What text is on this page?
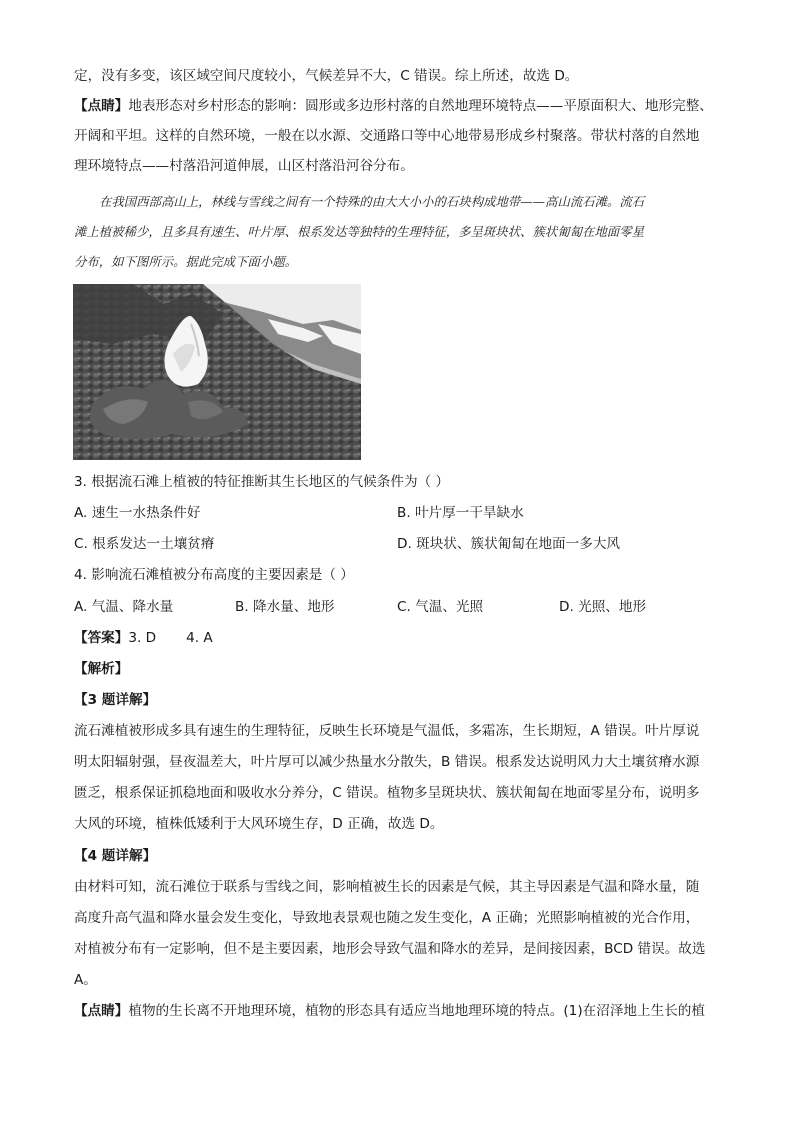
定，没有多变，该区域空间尺度较小，气候差异不大，C 错误。综上所述，故选 D。
【点睛】地表形态对乡村形态的影响：圆形或多边形村落的自然地理环境特点——平原面积大、地形完整、
开阔和平坦。这样的自然环境，一般在以水源、交通路口等中心地带易形成乡村聚落。带状村落的自然地
理环境特点——村落沿河道伸展，山区村落沿河谷分布。
在我国西部高山上，林线与雪线之间有一个特殊的由大大小小的石块构成地带——高山流石滩。流石
滩上植被稀少，且多具有速生、叶片厚、根系发达等独特的生理特征，多呈斑块状、簇状匍匐在地面零星
分布，如下图所示。据此完成下面小题。
3. 根据流石滩上植被的特征推断其生长地区的气候条件为（ ）
A. 速生一水热条件好	B. 叶片厚一干旱缺水
C. 根系发达一土壤贫瘠	D. 斑块状、簇状匍匐在地面一多大风
4. 影响流石滩植被分布高度的主要因素是（ ）
A. 气温、降水量	B. 降水量、地形	C. 气温、光照	D. 光照、地形
【答案】3. D 4. A
【解析】
【3 题详解】
流石滩植被形成多具有速生的生理特征，反映生长环境是气温低，多霜冻，生长期短，A 错误。叶片厚说
明太阳辐射强，昼夜温差大，叶片厚可以减少热量水分散失，B 错误。根系发达说明风力大土壤贫瘠水源
匮乏，根系保证抓稳地面和吸收水分养分，C 错误。植物多呈斑块状、簇状匍匐在地面零星分布，说明多
大风的环境，植株低矮利于大风环境生存，D 正确，故选 D。
【4 题详解】
由材料可知，流石滩位于联系与雪线之间，影响植被生长的因素是气候，其主导因素是气温和降水量，随
高度升高气温和降水量会发生变化，导致地表景观也随之发生变化，A 正确；光照影响植被的光合作用，
对植被分布有一定影响，但不是主要因素，地形会导致气温和降水的差异，是间接因素，BCD 错误。故选
A。
【点睛】植物的生长离不开地理环境，植物的形态具有适应当地地理环境的特点。(1)在沼泽地上生长的植
